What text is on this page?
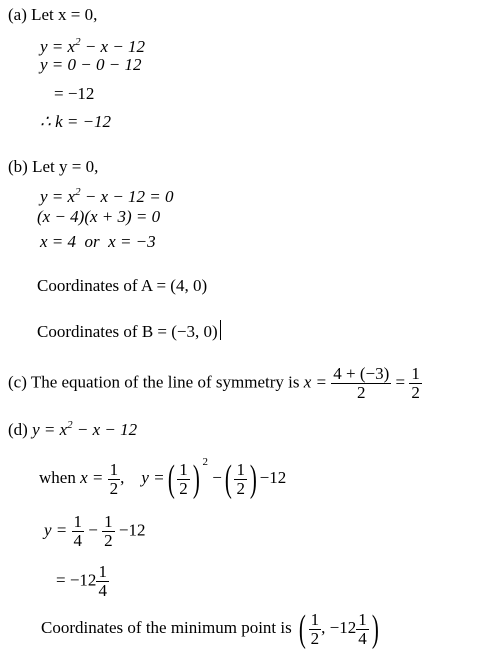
(a) Let x = 0,
$y = x^2 - x - 12$
y = 0 − 0 − 12
= −12
∴ k = −12
(b) Let y = 0,
$y = x^2 - x - 12 = 0$
(x − 4)(x + 3) = 0
x = 4 or x = −3
Coordinates of A = (4, 0)
Coordinates of B = (−3, 0)
(c) The equation of the line of symmetry is $x = \frac{4 + (-3)}{2} = \frac{1}{2}$
(d) $y = x^2 - x - 12$
when $x = \frac{1}{2}$ , y =( $\frac{1}{2}$ ) $^2$ −( $\frac{1}{2}$ ) −12
$y = \frac{1}{4} - \frac{1}{2} -12$
= $-12 \frac{1}{4}$
Coordinates of the minimum point is ( $\frac{1}{2}$ , $-12 \frac{1}{4}$ )
